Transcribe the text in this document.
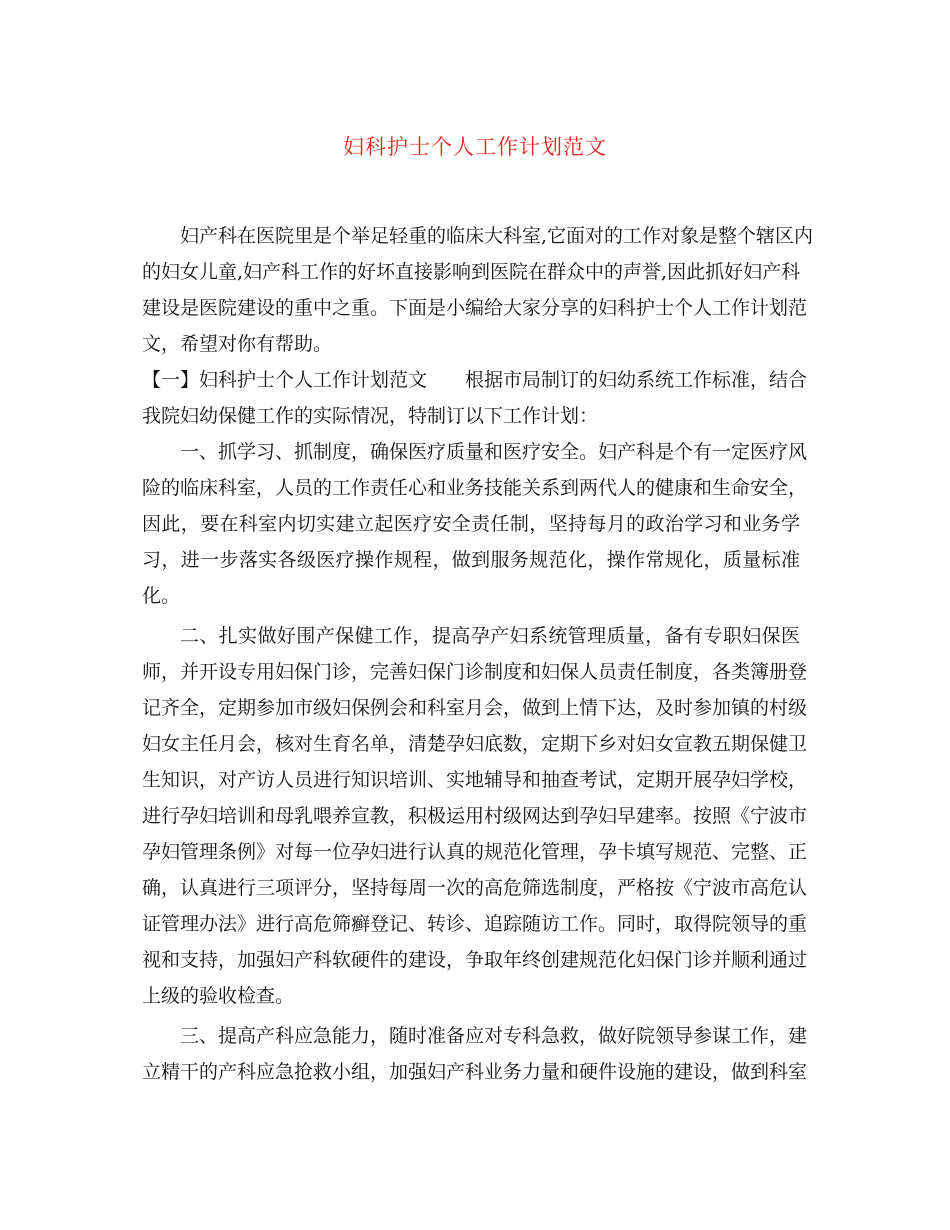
妇科护士个人工作计划范文
妇产科在医院里是个举足轻重的临床大科室,它面对的工作对象是整个辖区内
的妇女儿童,妇产科工作的好坏直接影响到医院在群众中的声誉,因此抓好妇产科
建设是医院建设的重中之重。下面是小编给大家分享的妇科护士个人工作计划范
文，希望对你有帮助。
【一】妇科护士个人工作计划范文　　根据市局制订的妇幼系统工作标准，结合
我院妇幼保健工作的实际情况，特制订以下工作计划：
一、抓学习、抓制度，确保医疗质量和医疗安全。妇产科是个有一定医疗风
险的临床科室，人员的工作责任心和业务技能关系到两代人的健康和生命安全，
因此，要在科室内切实建立起医疗安全责任制，坚持每月的政治学习和业务学
习，进一步落实各级医疗操作规程，做到服务规范化，操作常规化，质量标准
化。
二、扎实做好围产保健工作，提高孕产妇系统管理质量，备有专职妇保医
师，并开设专用妇保门诊，完善妇保门诊制度和妇保人员责任制度，各类簿册登
记齐全，定期参加市级妇保例会和科室月会，做到上情下达，及时参加镇的村级
妇女主任月会，核对生育名单，清楚孕妇底数，定期下乡对妇女宣教五期保健卫
生知识，对产访人员进行知识培训、实地辅导和抽查考试，定期开展孕妇学校，
进行孕妇培训和母乳喂养宣教，积极运用村级网达到孕妇早建率。按照《宁波市
孕妇管理条例》对每一位孕妇进行认真的规范化管理，孕卡填写规范、完整、正
确，认真进行三项评分，坚持每周一次的高危筛选制度，严格按《宁波市高危认
证管理办法》进行高危筛癣登记、转诊、追踪随访工作。同时，取得院领导的重
视和支持，加强妇产科软硬件的建设，争取年终创建规范化妇保门诊并顺利通过
上级的验收检查。
三、提高产科应急能力，随时准备应对专科急救，做好院领导参谋工作，建
立精干的产科应急抢救小组，加强妇产科业务力量和硬件设施的建设，做到科室
